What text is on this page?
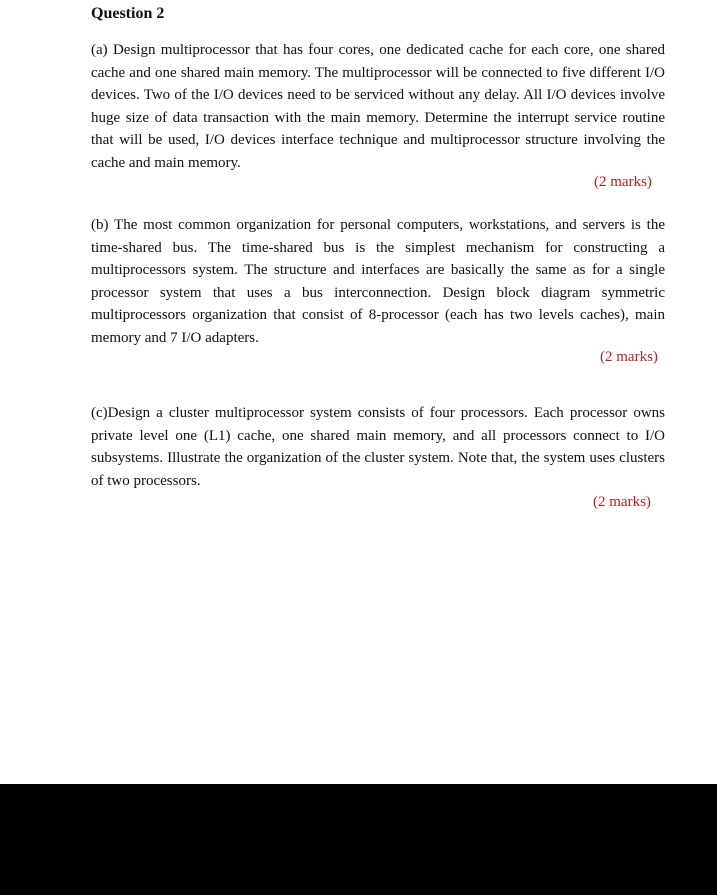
Question 2

(a) Design multiprocessor that has four cores, one dedicated cache for each core, one shared cache and one shared main memory. The multiprocessor will be connected to five different I/O devices. Two of the I/O devices need to be serviced without any delay. All I/O devices involve huge size of data transaction with the main memory. Determine the interrupt service routine that will be used, I/O devices interface technique and multiprocessor structure involving the cache and main memory.

(2 marks)

(b) The most common organization for personal computers, workstations, and servers is the time-shared bus. The time-shared bus is the simplest mechanism for constructing a multiprocessors system. The structure and interfaces are basically the same as for a single processor system that uses a bus interconnection. Design block diagram symmetric multiprocessors organization that consist of 8-processor (each has two levels caches), main memory and 7 I/O adapters.

(2 marks)

(c)Design a cluster multiprocessor system consists of four processors. Each processor owns private level one (L1) cache, one shared main memory, and all processors connect to I/O subsystems. Illustrate the organization of the cluster system. Note that, the system uses clusters of two processors.

(2 marks)
